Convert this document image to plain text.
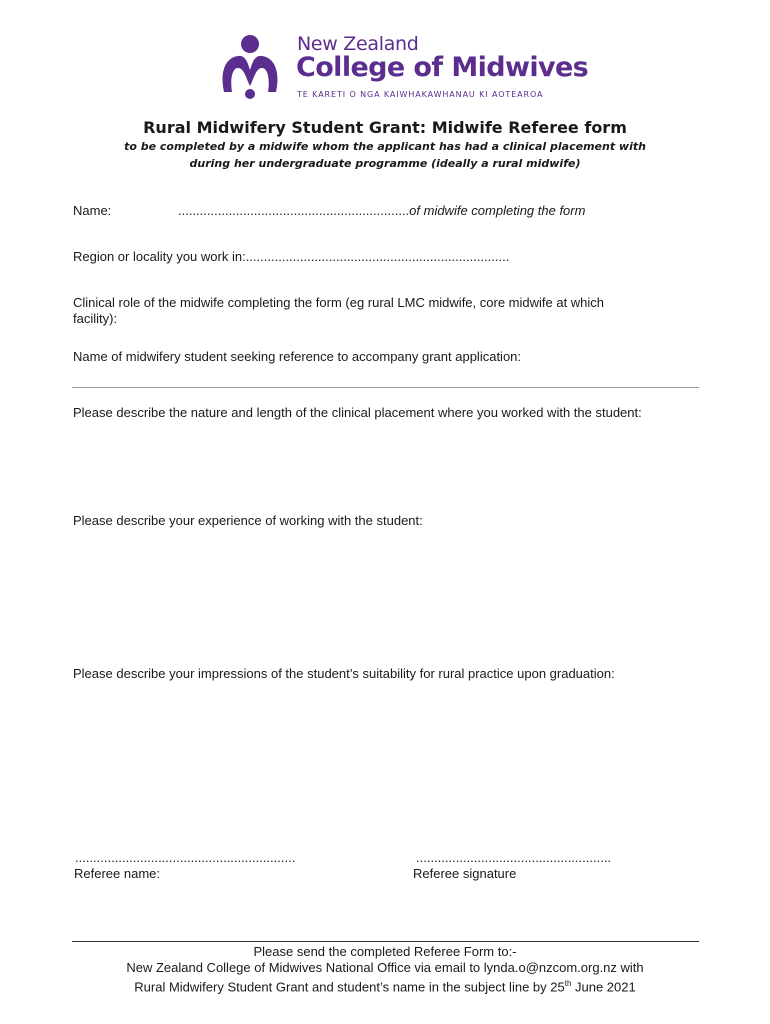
New Zealand
College of Midwives
TE KARETI O NGA KAIWHAKAWHANAU KI AOTEAROA
Rural Midwifery Student Grant: Midwife Referee form
to be completed by a midwife whom the applicant has had a clinical placement with
during her undergraduate programme (ideally a rural midwife)
Name:	................................................................of midwife completing the form
Region or locality you work in:.........................................................................
Clinical role of the midwife completing the form (eg rural LMC midwife, core midwife at which
facility):
Name of midwifery student seeking reference to accompany grant application:
Please describe the nature and length of the clinical placement where you worked with the student:
Please describe your experience of working with the student:
Please describe your impressions of the student’s suitability for rural practice upon graduation:
.............................................................
Referee name:
......................................................
Referee signature
Please send the completed Referee Form to:-
New Zealand College of Midwives National Office via email to lynda.o@nzcom.org.nz with
Rural Midwifery Student Grant and student’s name in the subject line by 25th June 2021
